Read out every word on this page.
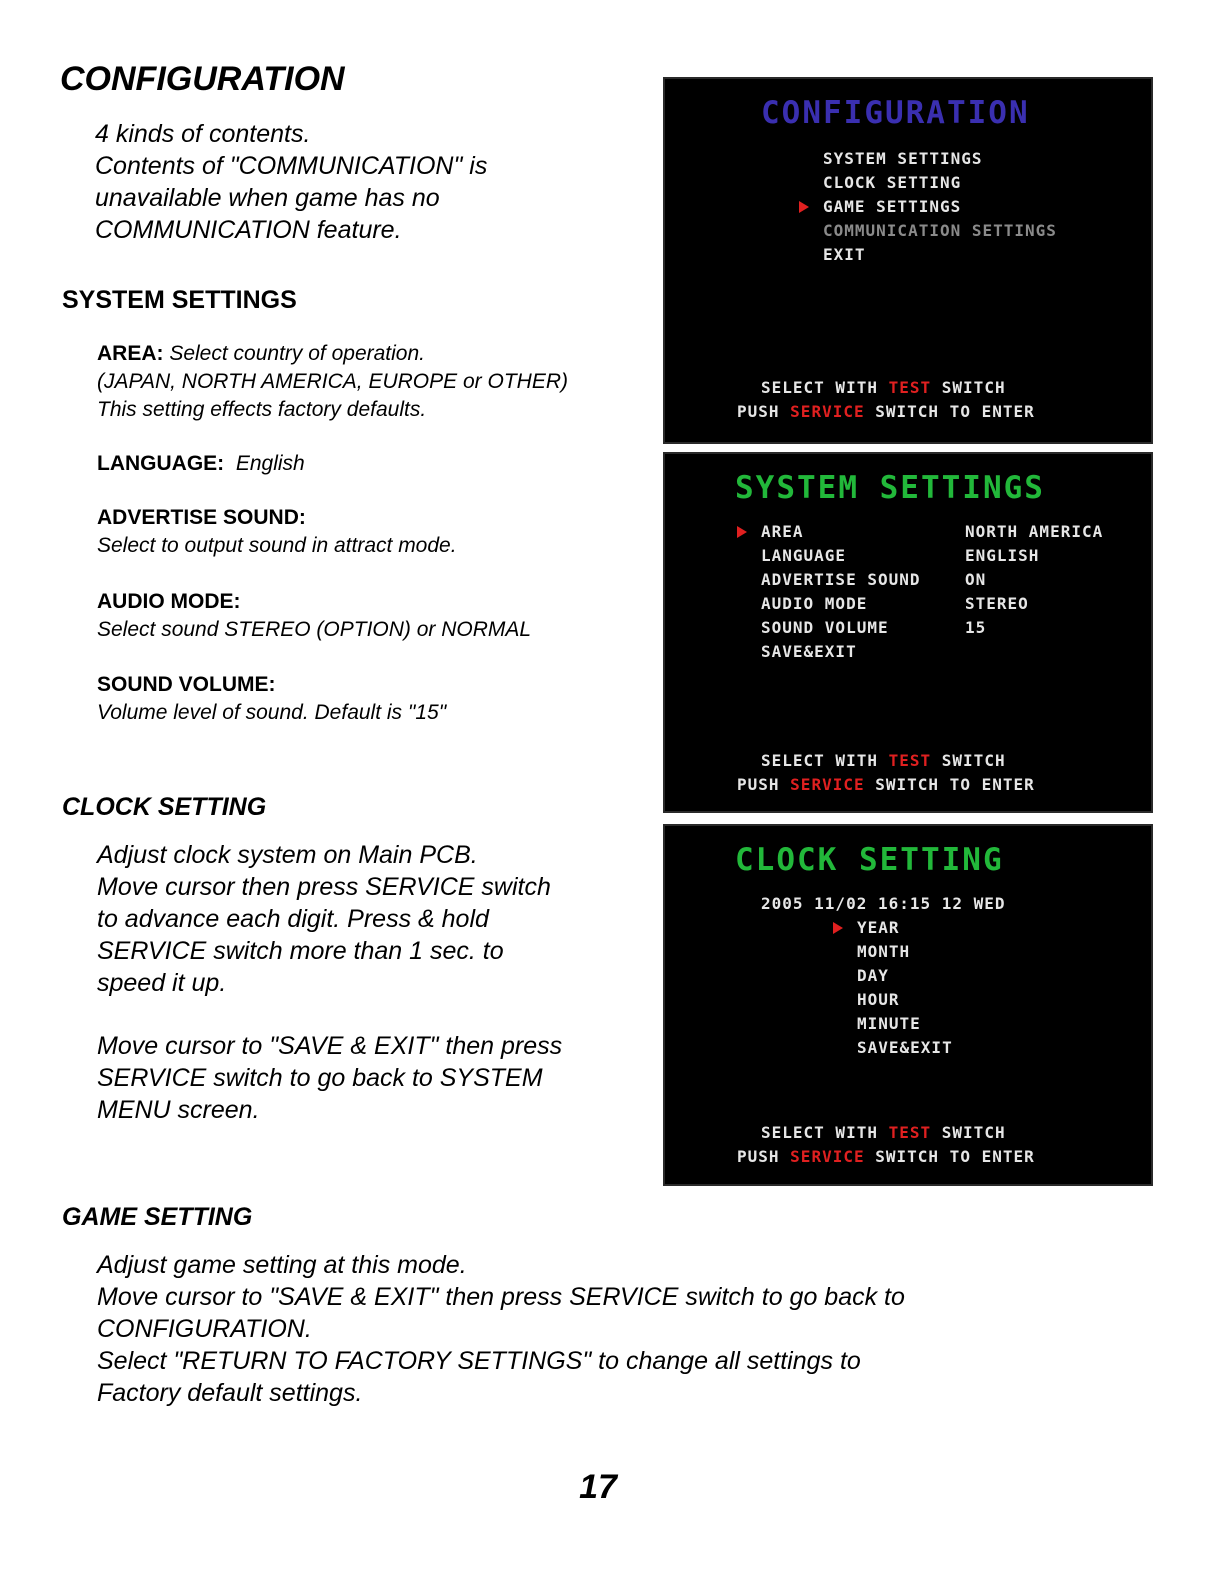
CONFIGURATION
4 kinds of contents.
Contents of "COMMUNICATION" is
unavailable when game has no
COMMUNICATION feature.
SYSTEM SETTINGS
AREA: Select country of operation.
(JAPAN, NORTH AMERICA, EUROPE or OTHER)
This setting effects factory defaults.
LANGUAGE: English
ADVERTISE SOUND:
Select to output sound in attract mode.
AUDIO MODE:
Select sound STEREO (OPTION) or NORMAL
SOUND VOLUME:
Volume level of sound. Default is "15"
CLOCK SETTING
Adjust clock system on Main PCB.
Move cursor then press SERVICE switch
to advance each digit. Press & hold
SERVICE switch more than 1 sec. to
speed it up.
Move cursor to "SAVE & EXIT" then press
SERVICE switch to go back to SYSTEM
MENU screen.
GAME SETTING
Adjust game setting at this mode.
Move cursor to "SAVE & EXIT" then press SERVICE switch to go back to
CONFIGURATION.
Select "RETURN TO FACTORY SETTINGS" to change all settings to
Factory default settings.
17
CONFIGURATION
SYSTEM SETTINGS
CLOCK SETTING
GAME SETTINGS
COMMUNICATION SETTINGS
EXIT
SELECT WITH TEST SWITCH
PUSH SERVICE SWITCH TO ENTER
SYSTEM SETTINGS
AREA
LANGUAGE
ADVERTISE SOUND
AUDIO MODE
SOUND VOLUME
SAVE&EXIT
NORTH AMERICA
ENGLISH
ON
STEREO
15
SELECT WITH TEST SWITCH
PUSH SERVICE SWITCH TO ENTER
CLOCK SETTING
2005 11/02 16:15 12 WED
YEAR
MONTH
DAY
HOUR
MINUTE
SAVE&EXIT
SELECT WITH TEST SWITCH
PUSH SERVICE SWITCH TO ENTER
